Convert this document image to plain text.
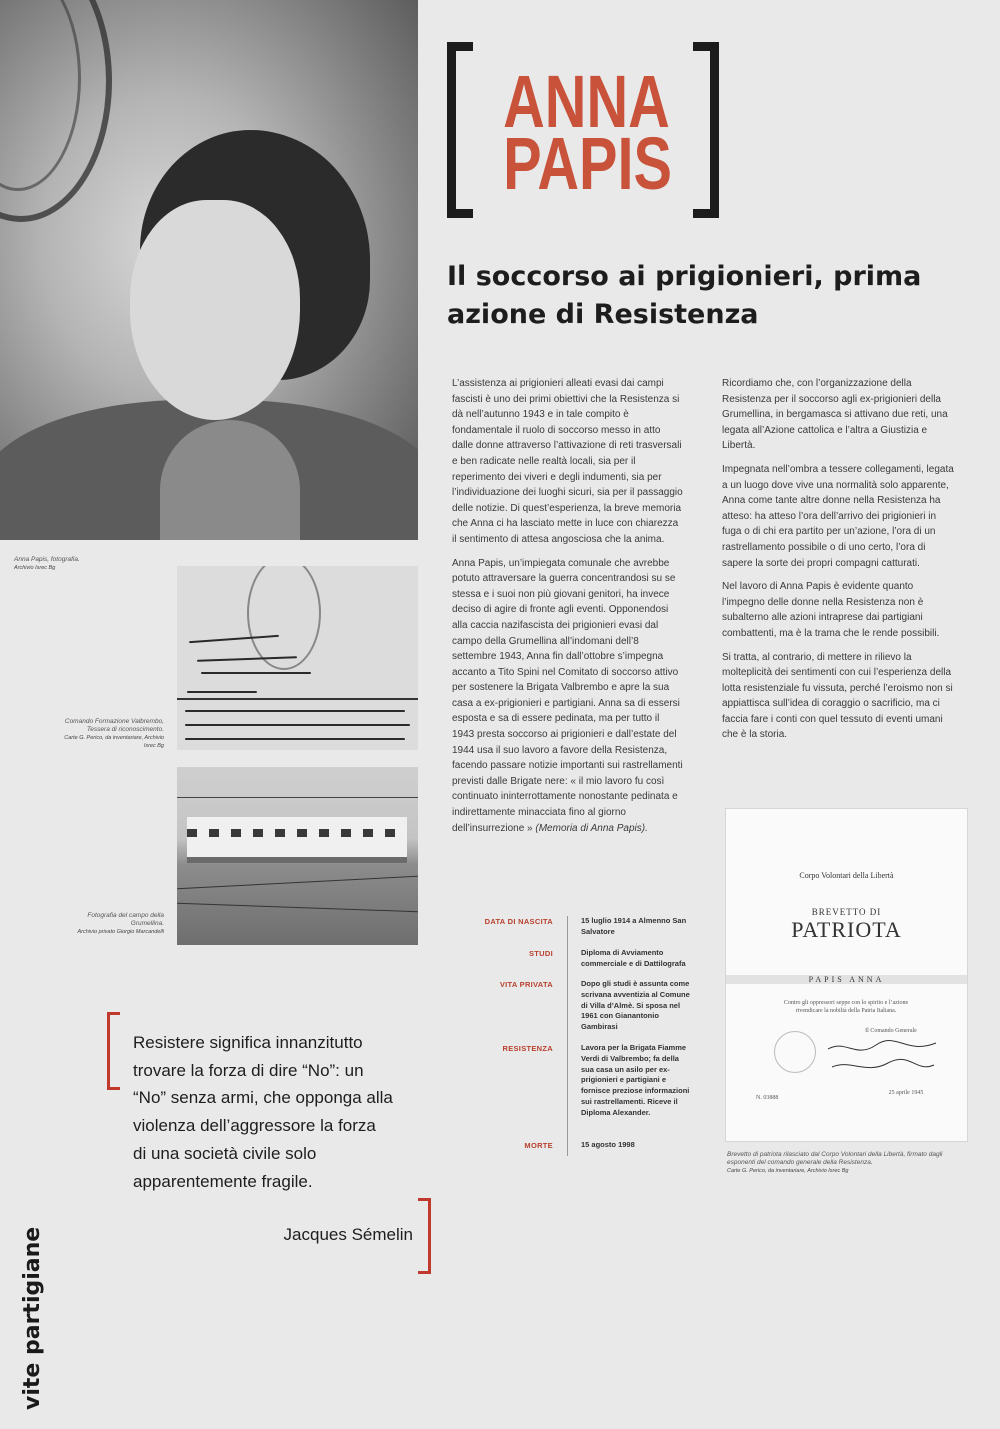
Anna Papis, fotografia.
Archivio Isrec Bg
Comando Formazione Valbrembo, Tessera di riconoscimento.
Carte G. Perico, da inventariare, Archivio Isrec Bg
Fotografia del campo della Grumellina.
Archivio privato Giorgio Marcandelli
ANNA
PAPIS
Il soccorso ai prigionieri, prima azione di Resistenza

L’assistenza ai prigionieri alleati evasi dai campi fascisti è uno dei primi obiettivi che la Resistenza si dà nell’autunno 1943 e in tale compito è fondamentale il ruolo di soccorso messo in atto dalle donne attraverso l’attivazione di reti trasversali e ben radicate nelle realtà locali, sia per il reperimento dei viveri e degli indumenti, sia per l’individuazione dei luoghi sicuri, sia per il passaggio delle notizie. Di quest’esperienza, la breve memoria che Anna ci ha lasciato mette in luce con chiarezza il sentimento di attesa angosciosa che la anima.

Anna Papis, un’impiegata comunale che avrebbe potuto attraversare la guerra concentrandosi su se stessa e i suoi non più giovani genitori, ha invece deciso di agire di fronte agli eventi. Opponendosi alla caccia nazifascista dei prigionieri evasi dal campo della Grumellina all’indomani dell’8 settembre 1943, Anna fin dall’ottobre s’impegna accanto a Tito Spini nel Comitato di soccorso attivo per sostenere la Brigata Valbrembo e apre la sua casa a ex-prigionieri e partigiani. Anna sa di essersi esposta e sa di essere pedinata, ma per tutto il 1943 presta soccorso ai prigionieri e dall’estate del 1944 usa il suo lavoro a favore della Resistenza, facendo passare notizie importanti sui rastrellamenti previsti dalle Brigate nere: « il mio lavoro fu così continuato ininterrottamente nonostante pedinata e indirettamente minacciata fino al giorno dell’insurrezione » (Memoria di Anna Papis).

Ricordiamo che, con l’organizzazione della Resistenza per il soccorso agli ex-prigionieri della Grumellina, in bergamasca si attivano due reti, una legata all’Azione cattolica e l’altra a Giustizia e Libertà.

Impegnata nell’ombra a tessere collegamenti, legata a un luogo dove vive una normalità solo apparente, Anna come tante altre donne nella Resistenza ha atteso: ha atteso l’ora dell’arrivo dei prigionieri in fuga o di chi era partito per un’azione, l’ora di un rastrellamento possibile o di uno certo, l’ora di sapere la sorte dei propri compagni catturati.

Nel lavoro di Anna Papis è evidente quanto l’impegno delle donne nella Resistenza non è subalterno alle azioni intraprese dai partigiani combattenti, ma è la trama che le rende possibili.

Si tratta, al contrario, di mettere in rilievo la molteplicità dei sentimenti con cui l’esperienza della lotta resistenziale fu vissuta, perché l’eroismo non si appiattisca sull’idea di coraggio o sacrificio, ma ci faccia fare i conti con quel tessuto di eventi umani che è la storia.

DATA DI NASCITA	15 luglio 1914 a Almenno San Salvatore
STUDI	Diploma di Avviamento commerciale e di Dattilografa
VITA PRIVATA	Dopo gli studi è assunta come scrivana avventizia al Comune di Villa d’Almè. Si sposa nel 1961 con Gianantonio Gambirasi
RESISTENZA	Lavora per la Brigata Fiamme Verdi di Valbrembo; fa della sua casa un asilo per ex-prigionieri e partigiani e fornisce preziose informazioni sui rastrellamenti. Riceve il Diploma Alexander.
MORTE	15 agosto 1998
Corpo Volontari della Libertà
BREVETTO DI
PATRIOTA
PAPIS ANNA
Contro gli oppressori seppe con lo spirito e l’azione rivendicare la nobiltà della Patria Italiana.
Il Comando Generale
N. 03888
25 aprile 1945
Brevetto di patriota rilasciato dal Corpo Volontari della Libertà, firmato dagli esponenti del comando generale della Resistenza.
Carte G. Perico, da inventariare, Archivio Isrec Bg
Resistere significa innanzitutto trovare la forza di dire “No”: un “No” senza armi, che opponga alla violenza dell’aggressore la forza di una società civile solo apparentemente fragile.
Jacques Sémelin
vite partigiane
